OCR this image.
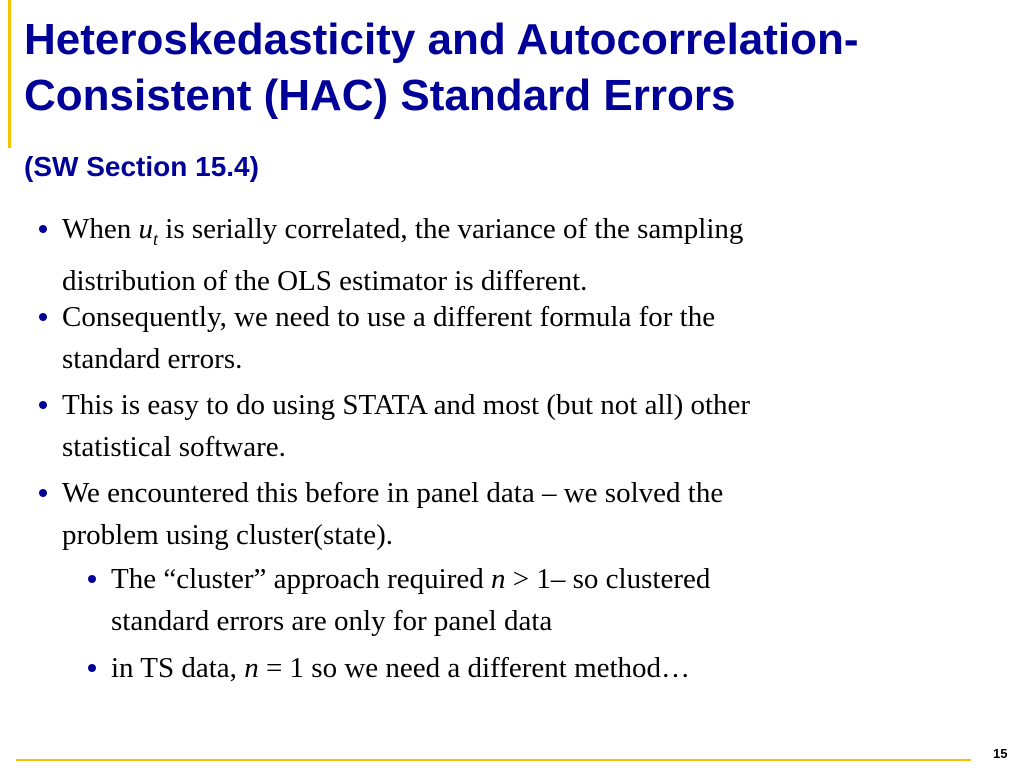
Heteroskedasticity and Autocorrelation-
Consistent (HAC) Standard Errors
(SW Section 15.4)
When $u_t$ is serially correlated, the variance of the sampling
distribution of the OLS estimator is different.
Consequently, we need to use a different formula for the
standard errors.
This is easy to do using STATA and most (but not all) other
statistical software.
We encountered this before in panel data – we solved the
problem using cluster(state).
The “cluster” approach required n > 1– so clustered
standard errors are only for panel data
in TS data, n = 1 so we need a different method…
15
